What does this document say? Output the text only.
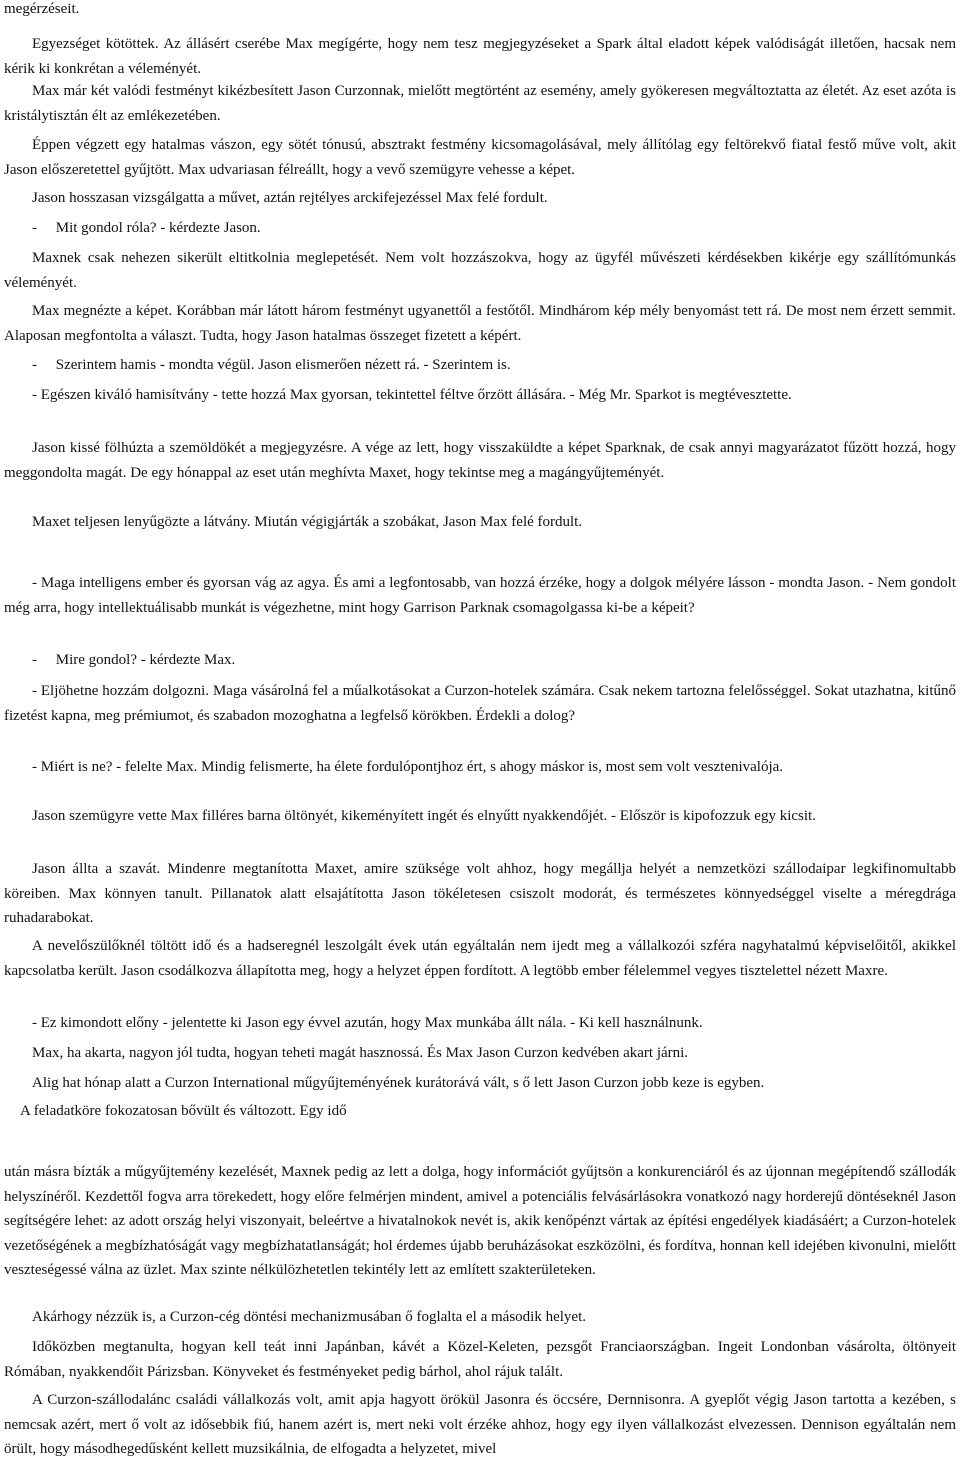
megérzéseit.

Egyezséget kötöttek. Az állásért cserébe Max megígérte, hogy nem tesz megjegyzéseket a Spark által eladott képek valódiságát illetően, hacsak nem kérik ki konkrétan a véleményét.

Max már két valódi festményt kikézbesített Jason Curzonnak, mielőtt megtörtént az esemény, amely gyökeresen megváltoztatta az életét. Az eset azóta is kristálytisztán élt az emlékezetében.

Éppen végzett egy hatalmas vászon, egy sötét tónusú, absztrakt festmény kicsomagolásával, mely állítólag egy feltörekvő fiatal festő műve volt, akit Jason előszeretettel gyűjtött. Max udvariasan félreállt, hogy a vevő szemügyre vehesse a képet.

Jason hosszasan vizsgálgatta a művet, aztán rejtélyes arckifejezéssel Max felé fordult.

-     Mit gondol róla? - kérdezte Jason.

Maxnek csak nehezen sikerült eltitkolnia meglepetését. Nem volt hozzászokva, hogy az ügyfél művészeti kérdésekben kikérje egy szállítómunkás véleményét.

Max megnézte a képet. Korábban már látott három festményt ugyanettől a festőtől. Mindhárom kép mély benyomást tett rá. De most nem érzett semmit. Alaposan megfontolta a választ. Tudta, hogy Jason hatalmas összeget fizetett a képért.

-     Szerintem hamis - mondta végül. Jason elismerően nézett rá. - Szerintem is.

- Egészen kiváló hamisítvány - tette hozzá Max gyorsan, tekintettel féltve őrzött állására. - Még Mr. Sparkot is megtévesztette.

Jason kissé fölhúzta a szemöldökét a megjegyzésre. A vége az lett, hogy visszaküldte a képet Sparknak, de csak annyi magyarázatot fűzött hozzá, hogy meggondolta magát. De egy hónappal az eset után meghívta Maxet, hogy tekintse meg a magángyűjteményét.

Maxet teljesen lenyűgözte a látvány. Miután végigjárták a szobákat, Jason Max felé fordult.

- Maga intelligens ember és gyorsan vág az agya. És ami a legfontosabb, van hozzá érzéke, hogy a dolgok mélyére lásson - mondta Jason. - Nem gondolt még arra, hogy intellektuálisabb munkát is végezhetne, mint hogy Garrison Parknak csomagolgassa ki-be a képeit?

-     Mire gondol? - kérdezte Max.

- Eljöhetne hozzám dolgozni. Maga vásárolná fel a műalkotásokat a Curzon-hotelek számára. Csak nekem tartozna felelősséggel. Sokat utazhatna, kitűnő fizetést kapna, meg prémiumot, és szabadon mozoghatna a legfelső körökben. Érdekli a dolog?

- Miért is ne? - felelte Max. Mindig felismerte, ha élete fordulópontjhoz ért, s ahogy máskor is, most sem volt vesztenivalója.

Jason szemügyre vette Max filléres barna öltönyét, kikeményített ingét és elnyűtt nyakkendőjét. - Először is kipofozzuk egy kicsit.

Jason állta a szavát. Mindenre megtanította Maxet, amire szüksége volt ahhoz, hogy megállja helyét a nemzetközi szállodaipar legkifinomultabb köreiben. Max könnyen tanult. Pillanatok alatt elsajátította Jason tökéletesen csiszolt modorát, és természetes könnyedséggel viselte a méregdrága ruhadarabokat.

A nevelőszülőknél töltött idő és a hadseregnél leszolgált évek után egyáltalán nem ijedt meg a vállalkozói szféra nagyhatalmú képviselőitől, akikkel kapcsolatba került. Jason csodálkozva állapította meg, hogy a helyzet éppen fordított. A legtöbb ember félelemmel vegyes tisztelettel nézett Maxre.

- Ez kimondott előny - jelentette ki Jason egy évvel azután, hogy Max munkába állt nála. - Ki kell használnunk.

Max, ha akarta, nagyon jól tudta, hogyan teheti magát hasznossá. És Max Jason Curzon kedvében akart járni.

Alig hat hónap alatt a Curzon International műgyűjteményének kurátorává vált, s ő lett Jason Curzon jobb keze is egyben.

A feladatköre fokozatosan bővült és változott. Egy idő

után másra bízták a műgyűjtemény kezelését, Maxnek pedig az lett a dolga, hogy információt gyűjtsön a konkurenciáról és az újonnan megépítendő szállodák helyszínéről. Kezdettől fogva arra törekedett, hogy előre felmérjen mindent, amivel a potenciális felvásárlásokra vonatkozó nagy horderejű döntéseknél Jason segítségére lehet: az adott ország helyi viszonyait, beleértve a hivatalnokok nevét is, akik kenőpénzt vártak az építési engedélyek kiadásáért; a Curzon-hotelek vezetőségének a megbízhatóságát vagy megbízhatatlanságát; hol érdemes újabb beruházásokat eszközölni, és fordítva, honnan kell idejében kivonulni, mielőtt veszteségessé válna az üzlet. Max szinte nélkülözhetetlen tekintély lett az említett szakterületeken.

Akárhogy nézzük is, a Curzon-cég döntési mechanizmusában ő foglalta el a második helyet.

Időközben megtanulta, hogyan kell teát inni Japánban, kávét a Közel-Keleten, pezsgőt Franciaországban. Ingeit Londonban vásárolta, öltönyeit Rómában, nyakkendőit Párizsban. Könyveket és festményeket pedig bárhol, ahol rájuk talált.

A Curzon-szállodalánc családi vállalkozás volt, amit apja hagyott örökül Jasonra és öccsére, Dernnisonra. A gyeplőt végig Jason tartotta a kezében, s nemcsak azért, mert ő volt az idősebbik fiú, hanem azért is, mert neki volt érzéke ahhoz, hogy egy ilyen vállalkozást elvezessen. Dennison egyáltalán nem örült, hogy másodhegedűsként kellett muzsikálnia, de elfogadta a helyzetet, mivel
